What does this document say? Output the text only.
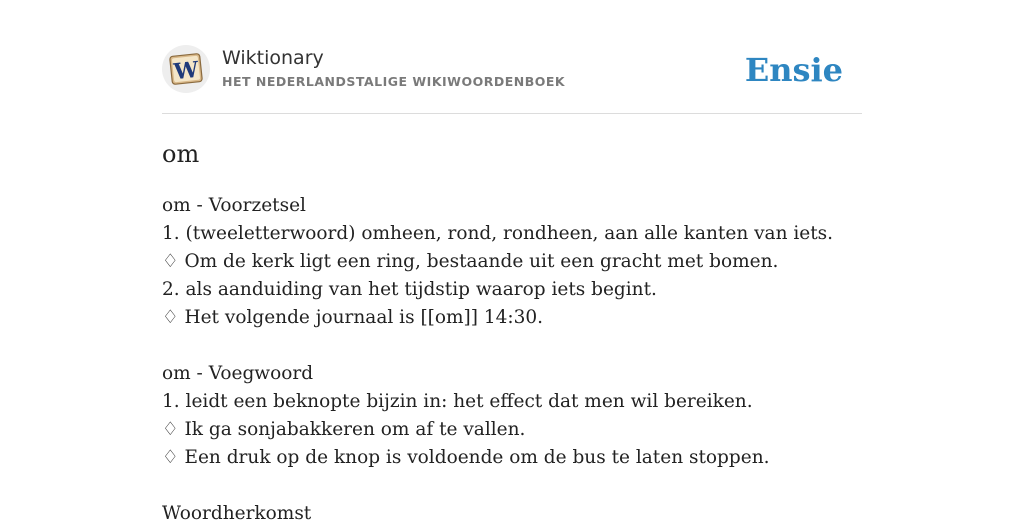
W Wiktionary
HET NEDERLANDSTALIGE WIKIWOORDENBOEK	Ensie
om
om - Voorzetsel
1. (tweeletterwoord) omheen, rond, rondheen, aan alle kanten van iets.
♢ Om de kerk ligt een ring, bestaande uit een gracht met bomen.
2. als aanduiding van het tijdstip waarop iets begint.
♢ Het volgende journaal is [[om]] 14:30.
om - Voegwoord
1. leidt een beknopte bijzin in: het effect dat men wil bereiken.
♢ Ik ga sonjabakkeren om af te vallen.
♢ Een druk op de knop is voldoende om de bus te laten stoppen.
Woordherkomst
